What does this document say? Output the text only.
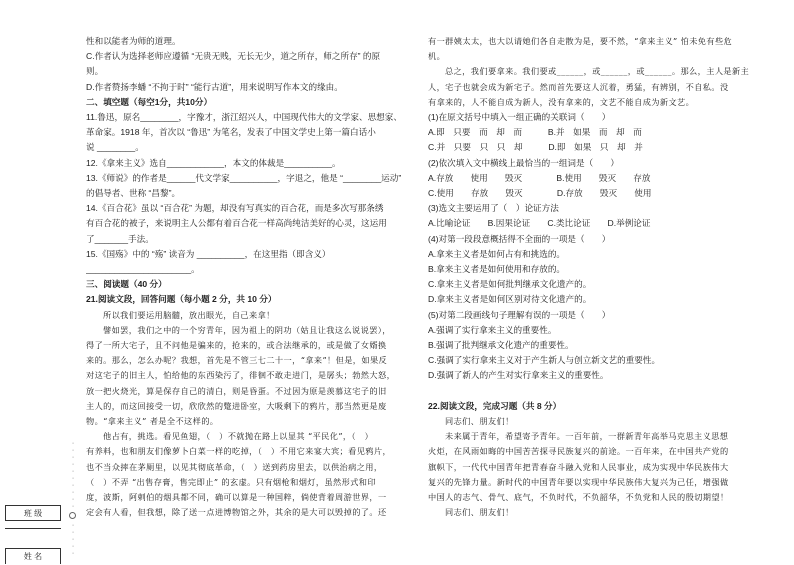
性和以能者为师的道理。

C.作者认为选择老师应遵循 “无贵无贱，无长无少，道之所存，师之所存” 的原

则。

D.作者赞扬李蟠 “不拘于时” “能行古道”，用来说明写作本文的缘由。

二、填空题（每空1分，共10分）

11.鲁迅，原名________，字豫才，浙江绍兴人，中国现代伟大的文学家、思想家、

革命家。1918 年，首次以 “鲁迅” 为笔名，发表了中国文学史上第一篇白话小

说 ________。

12.《拿来主义》选自____________，本文的体裁是__________。

13.《师说》的作者是______代文学家__________，字退之，他是 “________运动”

的倡导者、世称 “昌黎”。

14.《百合花》虽以 “百合花” 为题，却没有写真实的百合花，而是多次写那条绣

有百合花的被子，来说明主人公都有着百合花一样高尚纯洁美好的心灵，这运用

了_______手法。

15.《国殇》中的 “殇” 读音为 __________，在这里指（即含义）

______________________。

三、阅读题（40 分）

21.阅读文段，回答问题（每小题 2 分，共 10 分）

所以我们要运用脑髓，放出眼光，自己来拿！

譬如罢，我们之中的一个穷青年，因为祖上的阴功（姑且让我这么说说罢），

得了一所大宅子，且不问他是骗来的，抢来的，或合法继承的，或是做了女婿换

来的。那么，怎么办呢？我想，首先是不管三七二十一，“拿来”！但是，如果反

对这宅子的旧主人，怕给他的东西染污了，徘徊不敢走进门，是孱头；勃然大怒，

放一把火烧光，算是保存自己的清白，则是昏蛋。不过因为原是羡慕这宅子的旧

主人的，而这回接受一切，欣欣然的蹩进卧室，大吸剩下的鸦片，那当然更是废

物。“拿来主义” 者是全不这样的。

他占有，挑选。看见鱼翅，（　）不就抛在路上以显其 “平民化”，（　）

有养料，也和朋友们像萝卜白菜一样的吃掉，（　）不用它来宴大宾；看见鸦片，

也不当众摔在茅厕里，以见其彻底革命，（　）送到药房里去，以供治病之用，

（　）不弄 “出售存膏，售完即止” 的玄虚。只有烟枪和烟灯，虽然形式和印

度，波斯，阿剌伯的烟具都不同，确可以算是一种国粹，倘使背着周游世界，一

定会有人看，但我想，除了送一点进博物馆之外，其余的是大可以毁掉的了。还

有一群姨太太，也大以请她们各自走散为是，要不然，“拿来主义” 怕未免有些危

机。

总之，我们要拿来。我们要或______，或______，或______。那么，主人是新主

人，宅子也就会成为新宅子。然而首先要这人沉着，勇猛，有辨别，不自私。没

有拿来的，人不能自成为新人，没有拿来的，文艺不能自成为新文艺。

(1)在原文括号中填入一组正确的关联词（　　）

A.即　只要　而　却　而　　　B.并　如果　而　却　而

C.并　只要　只　只　却　　　D.即　如果　只　却　并

(2)依次填入文中横线上最恰当的一组词是（　　）

A.存放　　使用　　毁灭　　　　B.使用　　毁灭　　存放

C.使用　　存放　　毁灭　　　　D.存放　　毁灭　　使用

(3)选文主要运用了（　）论证方法

A.比喻论证　　B.因果论证　　C.类比论证　　D.举例论证

(4)对第一段段意概括得不全面的一项是（　　）

A.拿来主义者是如何占有和挑选的。

B.拿来主义者是如何使用和存放的。

C.拿来主义者是如何批判继承文化遗产的。

D.拿来主义者是如何区别对待文化遗产的。

(5)对第二段画线句子理解有误的一项是（　　）

A.强调了实行拿来主义的重要性。

B.强调了批判继承文化遗产的重要性。

C.强调了实行拿来主义对于产生新人与创立新文艺的重要性。

D.强调了新人的产生对实行拿来主义的重要性。

22.阅读文段，完成习题（共 8 分）

同志们、朋友们！

未来属于青年，希望寄予青年。一百年前，一群新青年高举马克思主义思想

火炬，在风雨如晦的中国苦苦探寻民族复兴的前途。一百年来，在中国共产党的

旗帜下，一代代中国青年把青春奋斗融入党和人民事业，成为实现中华民族伟大

复兴的先锋力量。新时代的中国青年要以实现中华民族伟大复兴为己任，增强做

中国人的志气、骨气、底气，不负时代，不负韶华，不负党和人民的殷切期望！

同志们、朋友们！

·
·
·
·
·
·
·
·
·
·
·
·
·
·
·
班 级
姓 名
